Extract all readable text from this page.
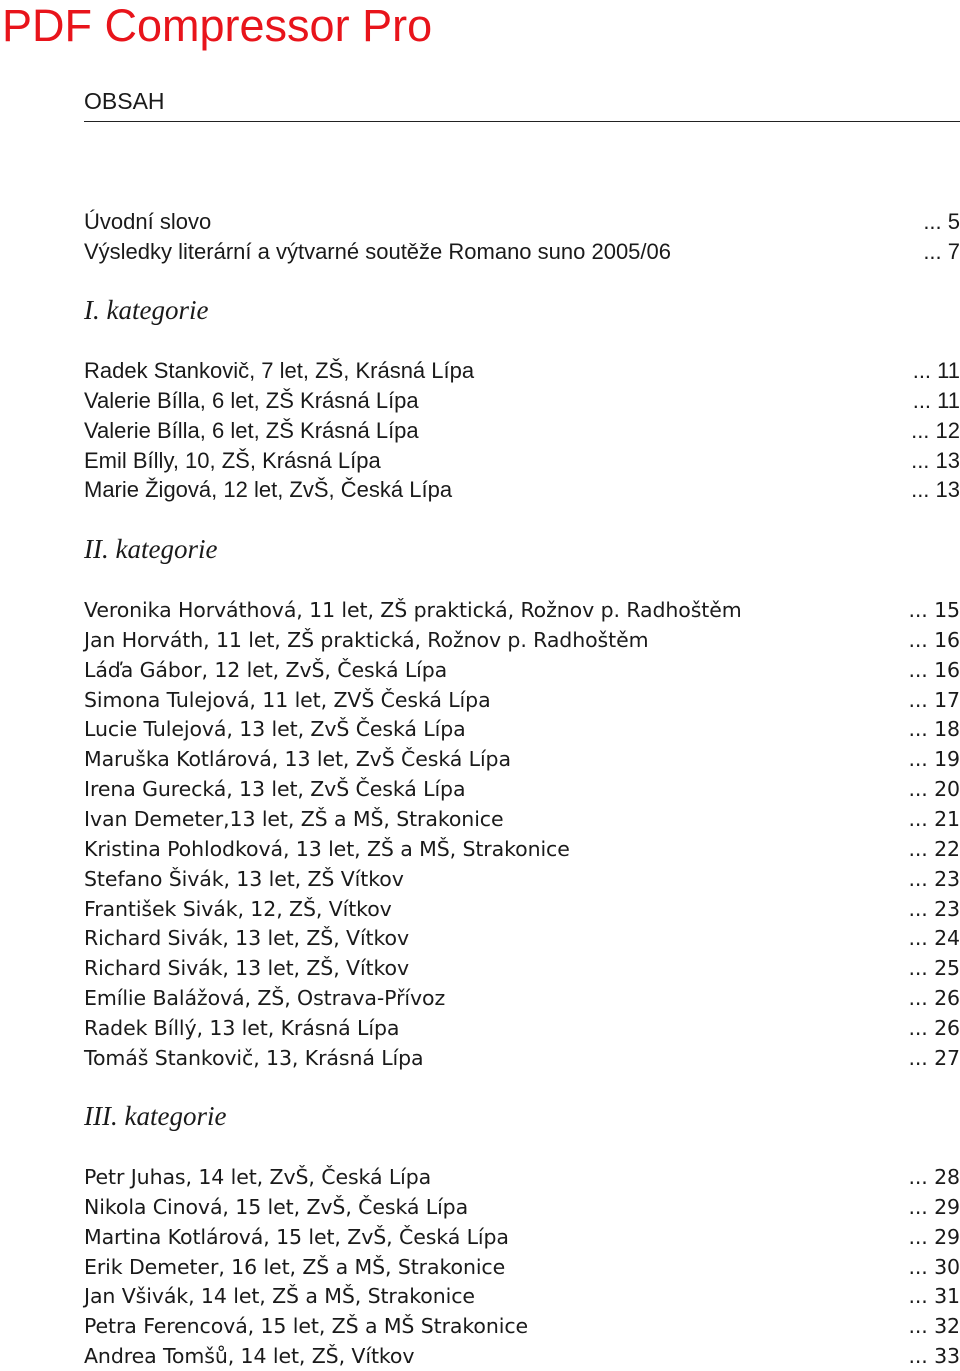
PDF Compressor Pro
OBSAH
Úvodní slovo	... 5
Výsledky literární a výtvarné soutěže Romano suno 2005/06	... 7
I. kategorie
Radek Stankovič, 7 let, ZŠ, Krásná Lípa	... 11
Valerie Bílla, 6 let, ZŠ Krásná Lípa	... 11
Valerie Bílla, 6 let, ZŠ Krásná Lípa	... 12
Emil Bílly, 10, ZŠ, Krásná Lípa	... 13
Marie Žigová, 12 let, ZvŠ, Česká Lípa	... 13
II. kategorie
Veronika Horváthová, 11 let, ZŠ praktická, Rožnov p. Radhoštěm	... 15
Jan Horváth, 11 let, ZŠ praktická, Rožnov p. Radhoštěm	... 16
Láďa Gábor, 12 let, ZvŠ, Česká Lípa	... 16
Simona Tulejová, 11 let, ZVŠ Česká Lípa	... 17
Lucie Tulejová, 13 let, ZvŠ Česká Lípa	... 18
Maruška Kotlárová, 13 let, ZvŠ Česká Lípa	... 19
Irena Gurecká, 13 let, ZvŠ Česká Lípa	... 20
Ivan Demeter,13 let, ZŠ a MŠ, Strakonice	... 21
Kristina Pohlodková, 13 let, ZŠ a MŠ, Strakonice	... 22
Stefano Šivák, 13 let, ZŠ Vítkov	... 23
František Sivák, 12, ZŠ, Vítkov	... 23
Richard Sivák, 13 let, ZŠ, Vítkov	... 24
Richard Sivák, 13 let, ZŠ, Vítkov	... 25
Emílie Balážová, ZŠ, Ostrava-Přívoz	... 26
Radek Bíllý, 13 let, Krásná Lípa	... 26
Tomáš Stankovič, 13, Krásná Lípa	... 27
III. kategorie
Petr Juhas, 14 let, ZvŠ, Česká Lípa	... 28
Nikola Cinová, 15 let, ZvŠ, Česká Lípa	... 29
Martina Kotlárová, 15 let, ZvŠ, Česká Lípa	... 29
Erik Demeter, 16 let, ZŠ a MŠ, Strakonice	... 30
Jan Všivák, 14 let, ZŠ a MŠ, Strakonice	... 31
Petra Ferencová, 15 let, ZŠ a MŠ Strakonice	... 32
Andrea Tomšů, 14 let, ZŠ, Vítkov	... 33
